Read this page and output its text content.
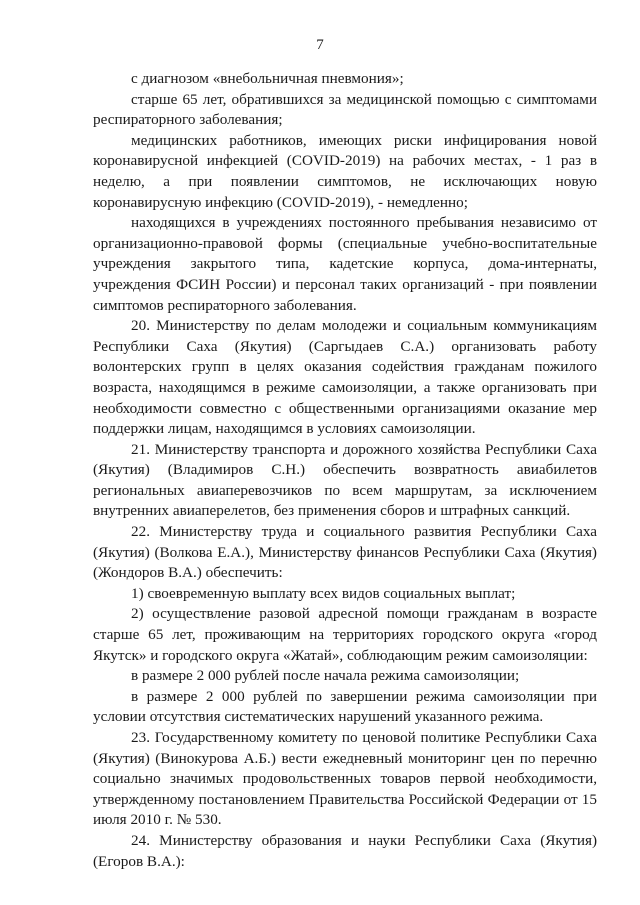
7

с диагнозом «внебольничная пневмония»;

старше 65 лет, обратившихся за медицинской помощью с симптомами респираторного заболевания;

медицинских работников, имеющих риски инфицирования новой коронавирусной инфекцией (COVID-2019) на рабочих местах, - 1 раз в неделю, а при появлении симптомов, не исключающих новую коронавирусную инфекцию (COVID-2019), - немедленно;

находящихся в учреждениях постоянного пребывания независимо от организационно-правовой формы (специальные учебно-воспитательные учреждения закрытого типа, кадетские корпуса, дома-интернаты, учреждения ФСИН России) и персонал таких организаций - при появлении симптомов респираторного заболевания.

20. Министерству по делам молодежи и социальным коммуникациям Республики Саха (Якутия) (Саргыдаев С.А.) организовать работу волонтерских групп в целях оказания содействия гражданам пожилого возраста, находящимся в режиме самоизоляции, а также организовать при необходимости совместно с общественными организациями оказание мер поддержки лицам, находящимся в условиях самоизоляции.

21. Министерству транспорта и дорожного хозяйства Республики Саха (Якутия) (Владимиров С.Н.) обеспечить возвратность авиабилетов региональных авиаперевозчиков по всем маршрутам, за исключением внутренних авиаперелетов, без применения сборов и штрафных санкций.

22. Министерству труда и социального развития Республики Саха (Якутия) (Волкова Е.А.), Министерству финансов Республики Саха (Якутия) (Жондоров В.А.) обеспечить:

1) своевременную выплату всех видов социальных выплат;

2) осуществление разовой адресной помощи гражданам в возрасте старше 65 лет, проживающим на территориях городского округа «город Якутск» и городского округа «Жатай», соблюдающим режим самоизоляции:

в размере 2 000 рублей после начала режима самоизоляции;

в размере 2 000 рублей по завершении режима самоизоляции при условии отсутствия систематических нарушений указанного режима.

23. Государственному комитету по ценовой политике Республики Саха (Якутия) (Винокурова А.Б.) вести ежедневный мониторинг цен по перечню социально значимых продовольственных товаров первой необходимости, утвержденному постановлением Правительства Российской Федерации от 15 июля 2010 г. № 530.

24. Министерству образования и науки Республики Саха (Якутия) (Егоров В.А.):
